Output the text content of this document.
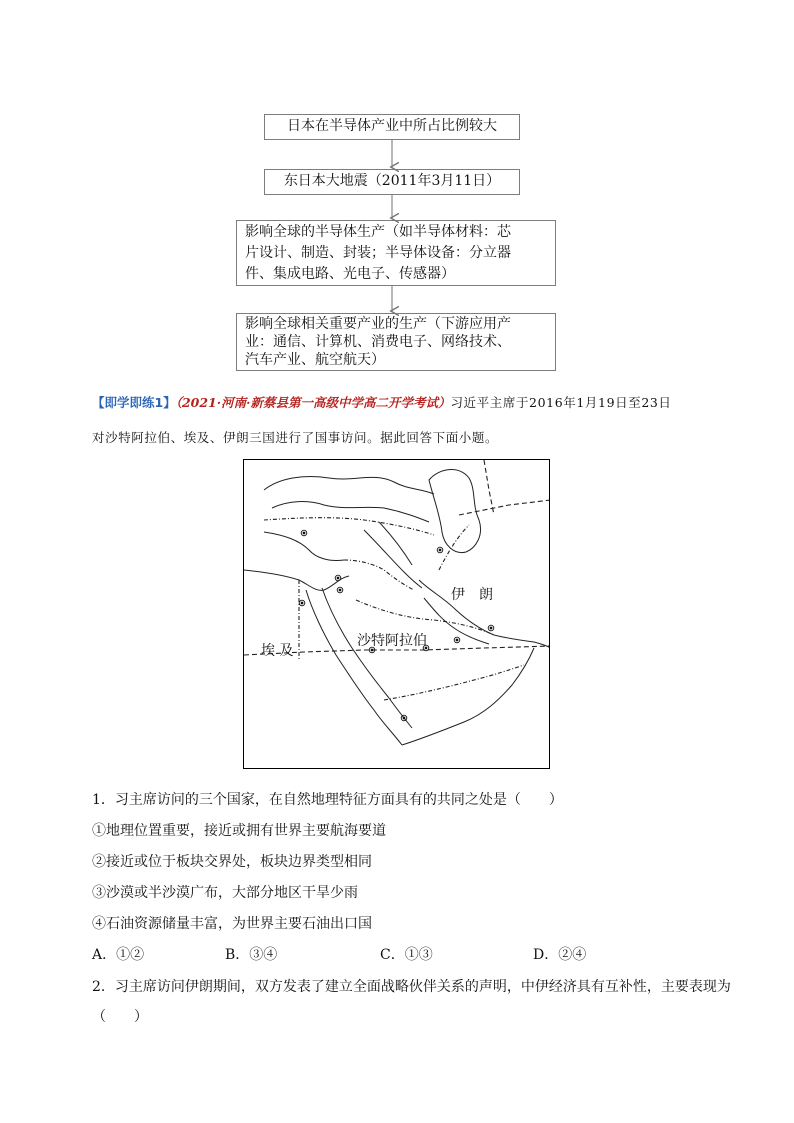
日本在半导体产业中所占比例较大
东日本大地震（2011年3月11日）
影响全球的半导体生产（如半导体材料：芯
片设计、制造、封装；半导体设备：分立器
件、集成电路、光电子、传感器）
影响全球相关重要产业的生产（下游应用产
业：通信、计算机、消费电子、网络技术、
汽车产业、航空航天）
【即学即练1】（2021·河南·新蔡县第一高级中学高二开学考试）习近平主席于2016年1月19日至23日
对沙特阿拉伯、埃及、伊朗三国进行了国事访问。据此回答下面小题。
伊　朗
沙特阿拉伯
埃 及
1．习主席访问的三个国家，在自然地理特征方面具有的共同之处是（　　）
①地理位置重要，接近或拥有世界主要航海要道
②接近或位于板块交界处，板块边界类型相同
③沙漠或半沙漠广布，大部分地区干旱少雨
④石油资源储量丰富，为世界主要石油出口国
A．①②	B．③④	C．①③	D．②④
2．习主席访问伊朗期间，双方发表了建立全面战略伙伴关系的声明，中伊经济具有互补性，主要表现为
（　　）
